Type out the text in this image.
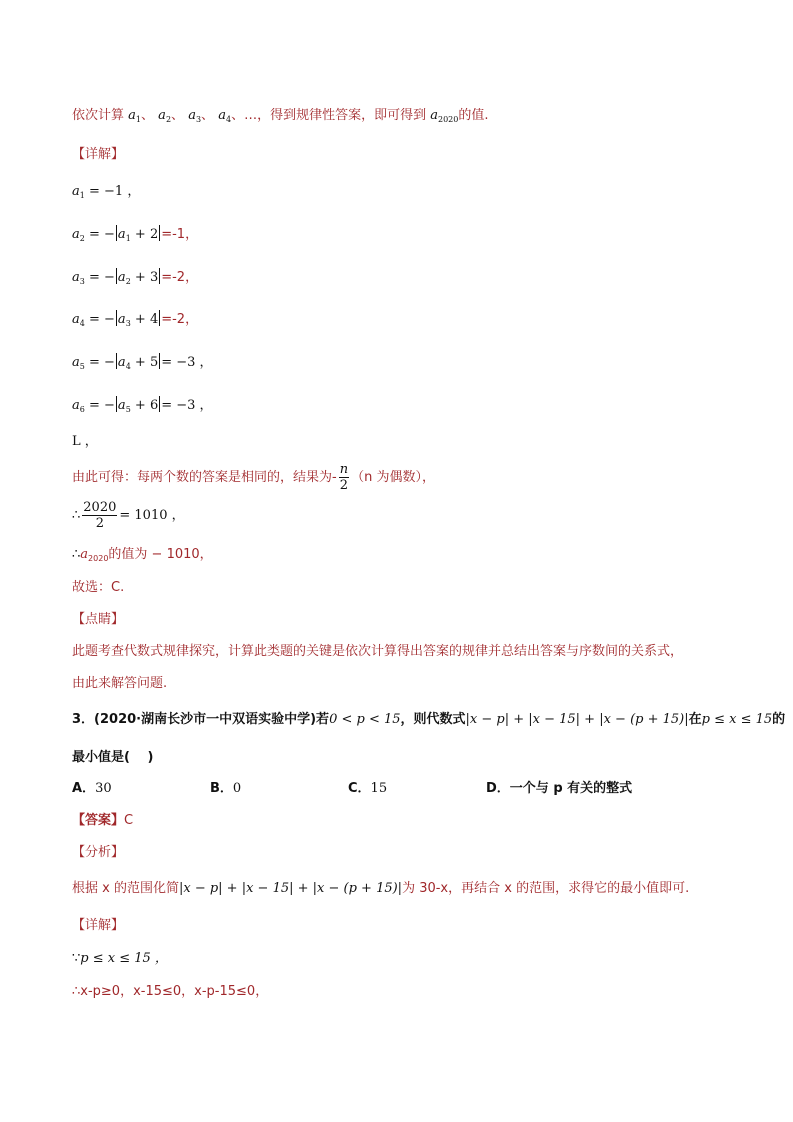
依次计算 $a_1$、 $a_2$、 $a_3$、 $a_4$、…，得到规律性答案，即可得到 $a_{2020}$的值.
【详解】
$a_1 = -1$ ，
$a_2$ = − $a_1 + 2 =-1$，
$a_3$ = − $a_2 + 3 =-2$，
$a_4$ = − $a_3 + 4 =-2$，
$a_5$ = − $a_4 + 5 = -3$ ，
$a_6$ = − $a_5 + 6 = -3$ ，
L ，
由此可得：每两个数的答案是相同的，结果为- $\frac{n}{2} (n$ 为偶数），
∴ $\frac{2020}{2} = 1010$ ，
$\therefore a_{2020}$的值为 − 1010，
故选：C.
【点睛】
此题考查代数式规律探究，计算此类题的关键是依次计算得出答案的规律并总结出答案与序数间的关系式，
由此来解答问题.
3．(2020·湖南长沙市一中双语实验中学)若0 < p < 15，则代数式|x − p| + |x − 15| + |x − (p + 15)|在p ≤ x ≤ 15的
最小值是(　 )
A．30	B．0	C．15	D．一个与 p 有关的整式
【答案】C
【分析】
根据 x 的范围化简|x − p| + |x − 15| + |x − (p + 15)|为 30-x，再结合 x 的范围，求得它的最小值即可.
【详解】
∵p ≤ x ≤ 15 ，
∴x-p≥0，x-15≤0，x-p-15≤0，
